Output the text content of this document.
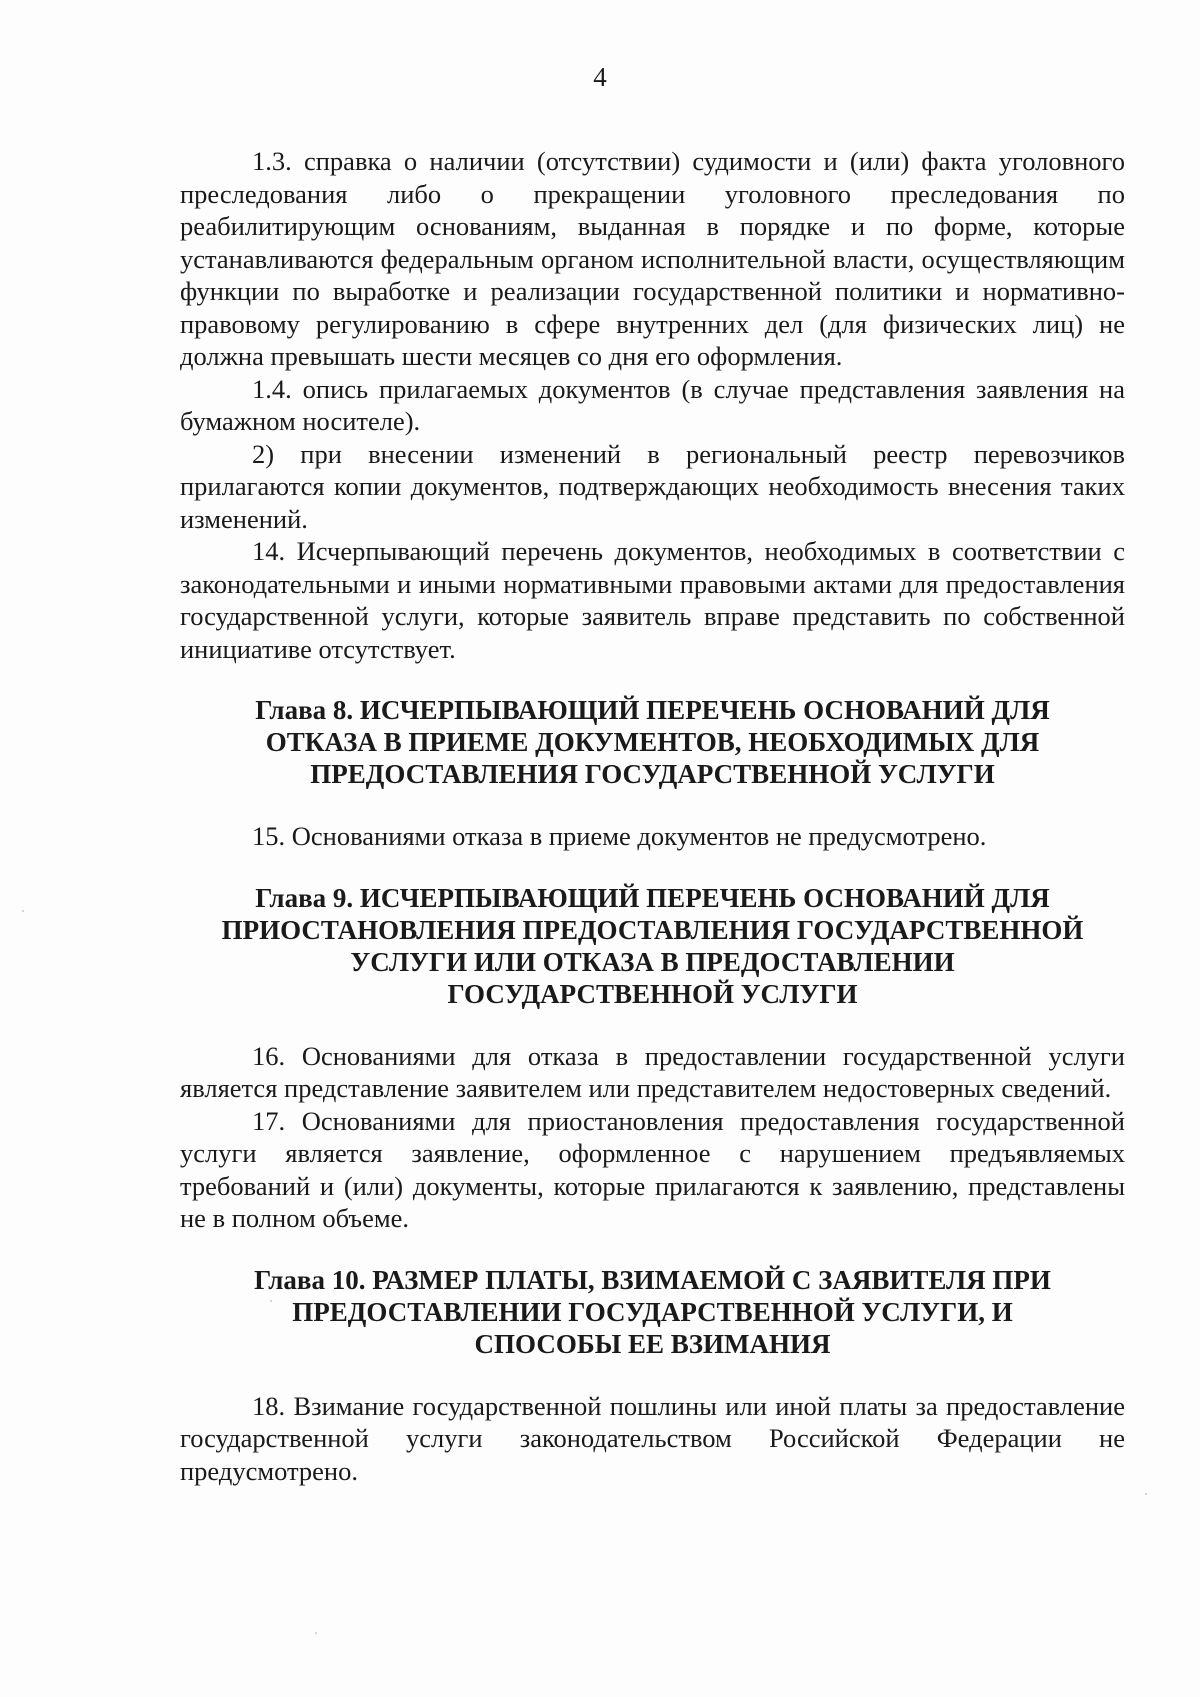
4

1.3. справка о наличии (отсутствии) судимости и (или) факта уголовного преследования либо о прекращении уголовного преследования по реабилитирующим основаниям, выданная в порядке и по форме, которые устанавливаются федеральным органом исполнительной власти, осуществляющим функции по выработке и реализации государственной политики и нормативно-правовому регулированию в сфере внутренних дел (для физических лиц) не должна превышать шести месяцев со дня его оформления.

1.4. опись прилагаемых документов (в случае представления заявления на бумажном носителе).

2) при внесении изменений в региональный реестр перевозчиков прилагаются копии документов, подтверждающих необходимость внесения таких изменений.

14. Исчерпывающий перечень документов, необходимых в соответствии с законодательными и иными нормативными правовыми актами для предоставления государственной услуги, которые заявитель вправе представить по собственной инициативе отсутствует.

Глава 8. ИСЧЕРПЫВАЮЩИЙ ПЕРЕЧЕНЬ ОСНОВАНИЙ ДЛЯ ОТКАЗА В ПРИЕМЕ ДОКУМЕНТОВ, НЕОБХОДИМЫХ ДЛЯ ПРЕДОСТАВЛЕНИЯ ГОСУДАРСТВЕННОЙ УСЛУГИ

15. Основаниями отказа в приеме документов не предусмотрено.

Глава 9. ИСЧЕРПЫВАЮЩИЙ ПЕРЕЧЕНЬ ОСНОВАНИЙ ДЛЯ ПРИОСТАНОВЛЕНИЯ ПРЕДОСТАВЛЕНИЯ ГОСУДАРСТВЕННОЙ УСЛУГИ ИЛИ ОТКАЗА В ПРЕДОСТАВЛЕНИИ ГОСУДАРСТВЕННОЙ УСЛУГИ

16. Основаниями для отказа в предоставлении государственной услуги является представление заявителем или представителем недостоверных сведений.

17. Основаниями для приостановления предоставления государственной услуги является заявление, оформленное с нарушением предъявляемых требований и (или) документы, которые прилагаются к заявлению, представлены не в полном объеме.

Глава 10. РАЗМЕР ПЛАТЫ, ВЗИМАЕМОЙ С ЗАЯВИТЕЛЯ ПРИ ПРЕДОСТАВЛЕНИИ ГОСУДАРСТВЕННОЙ УСЛУГИ, И СПОСОБЫ ЕЕ ВЗИМАНИЯ

18. Взимание государственной пошлины или иной платы за предоставление государственной услуги законодательством Российской Федерации не предусмотрено.
